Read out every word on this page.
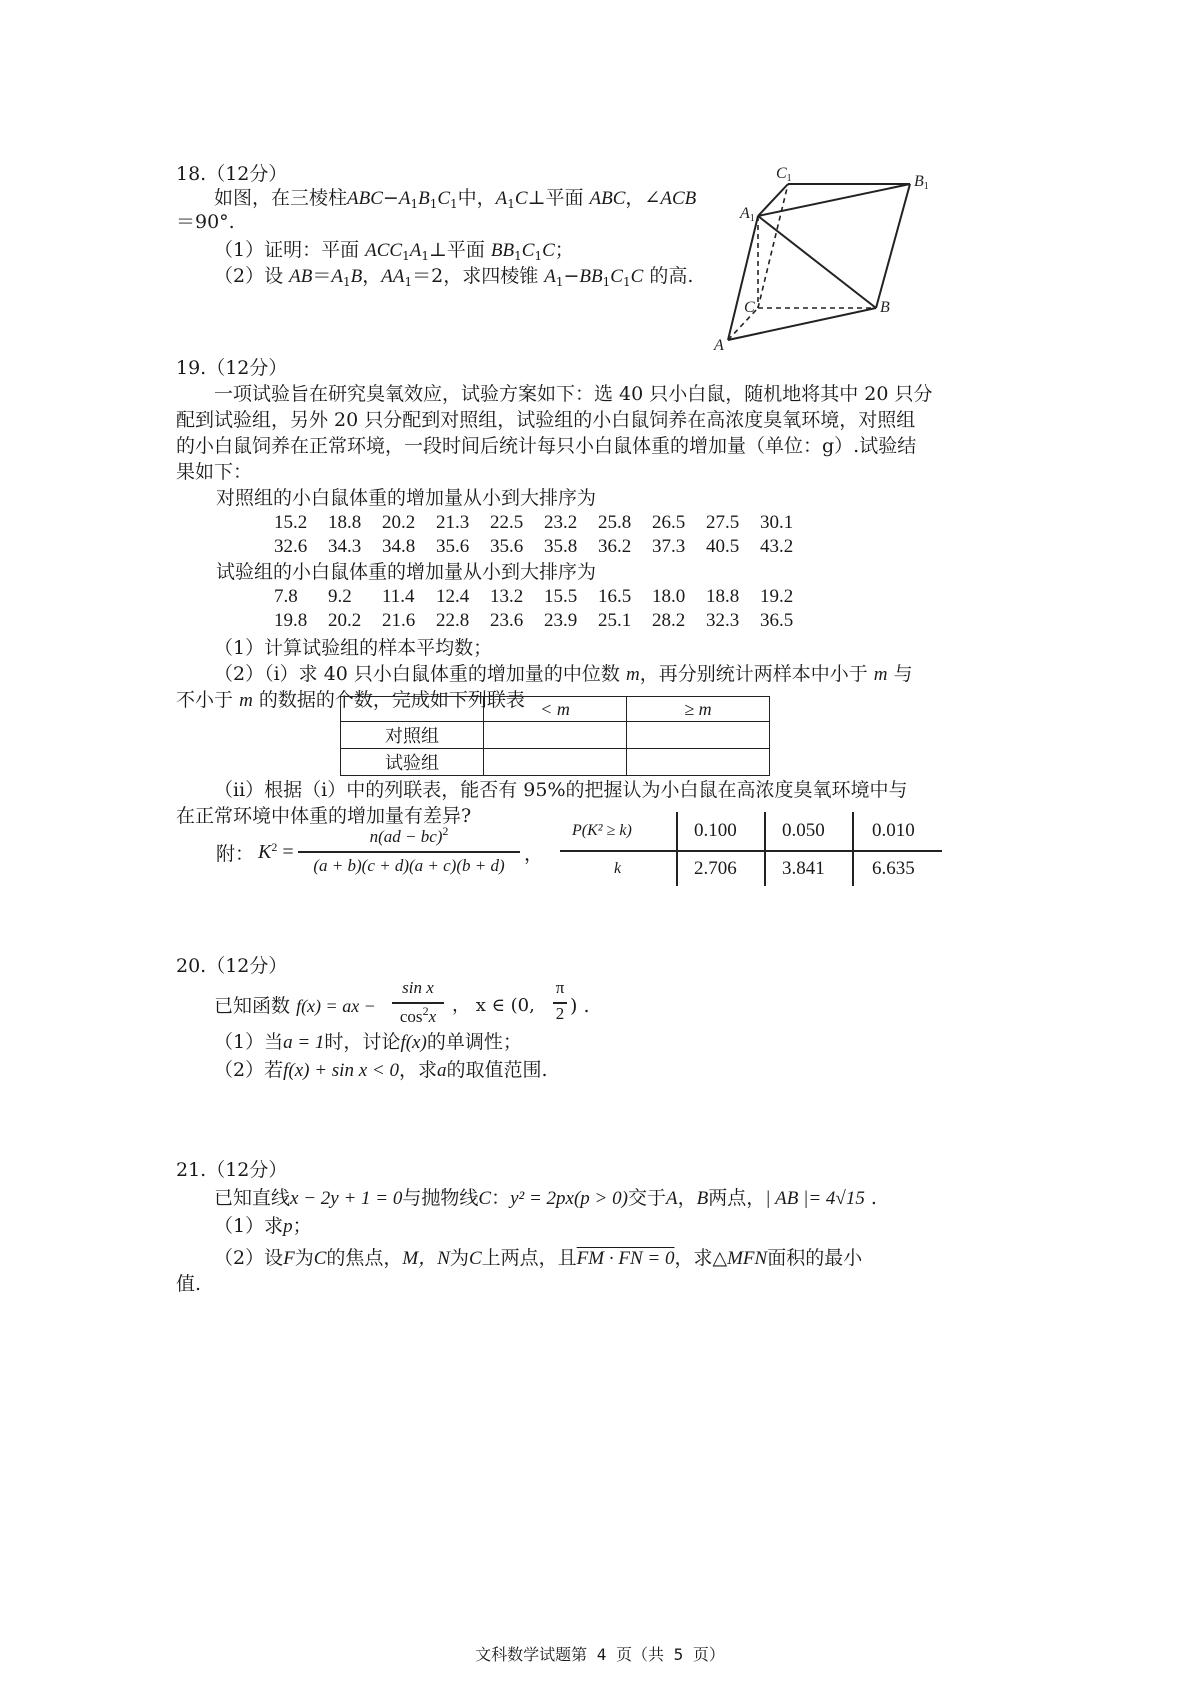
18.（12分）
如图，在三棱柱$ABC-A_1B_1C_1$中，$A_1C\perp$平面 ABC，∠ACB
＝90°.
（1）证明：平面 $ACC_1A_1\perp$平面 $BB_1C_1C$；
（2）设 $AB=A_1B$，$AA_1=2$，求四棱锥 $A_1-BB_1C_1C$ 的高.
C1	B1
A1
C	B
A
19.（12分）
一项试验旨在研究臭氧效应，试验方案如下：选 40 只小白鼠，随机地将其中 20 只分
配到试验组，另外 20 只分配到对照组，试验组的小白鼠饲养在高浓度臭氧环境，对照组
的小白鼠饲养在正常环境，一段时间后统计每只小白鼠体重的增加量（单位：g）.试验结
果如下：
对照组的小白鼠体重的增加量从小到大排序为
15.2 18.8 20.2 21.3 22.5 23.2 25.8 26.5 27.5 30.1
32.6 34.3 34.8 35.6 35.6 35.8 36.2 37.3 40.5 43.2
试验组的小白鼠体重的增加量从小到大排序为
7.8 9.2 11.4 12.4 13.2 15.5 16.5 18.0 18.8 19.2
19.8 20.2 21.6 22.8 23.6 23.9 25.1 28.2 32.3 36.5
（1）计算试验组的样本平均数；
（2）（ⅰ）求 40 只小白鼠体重的增加量的中位数 m，再分别统计两样本中小于 m 与
不小于 m 的数据的个数，完成如下列联表
	< m	≥ m
对照组		
试验组		
（ⅱ）根据（ⅰ）中的列联表，能否有 95%的把握认为小白鼠在高浓度臭氧环境中与
在正常环境中体重的增加量有差异?
附： $K^2$ =
n(ad − bc)$^2$
(a + b)(c + d)(a + c)(b + d)
，
P(K² ≥ k)	0.100 0.050 0.010
k	2.706 3.841 6.635
20.（12分）
已知函数 f(x) = ax −
sin x
$\cos^2x$
， x ∈ (0,
π
2 ) .
（1）当a = 1时，讨论f(x)的单调性；
（2）若f(x) + sin x < 0，求a的取值范围.
21.（12分）
已知直线x − 2y + 1 = 0与抛物线C：y² = 2px(p > 0)交于A，B两点，| AB |= 4√15 .
（1）求p；
（2）设F为C的焦点，M，N为C上两点，且FM · FN = 0，求△MFN面积的最小
值.
文科数学试题第 4 页（共 5 页）
